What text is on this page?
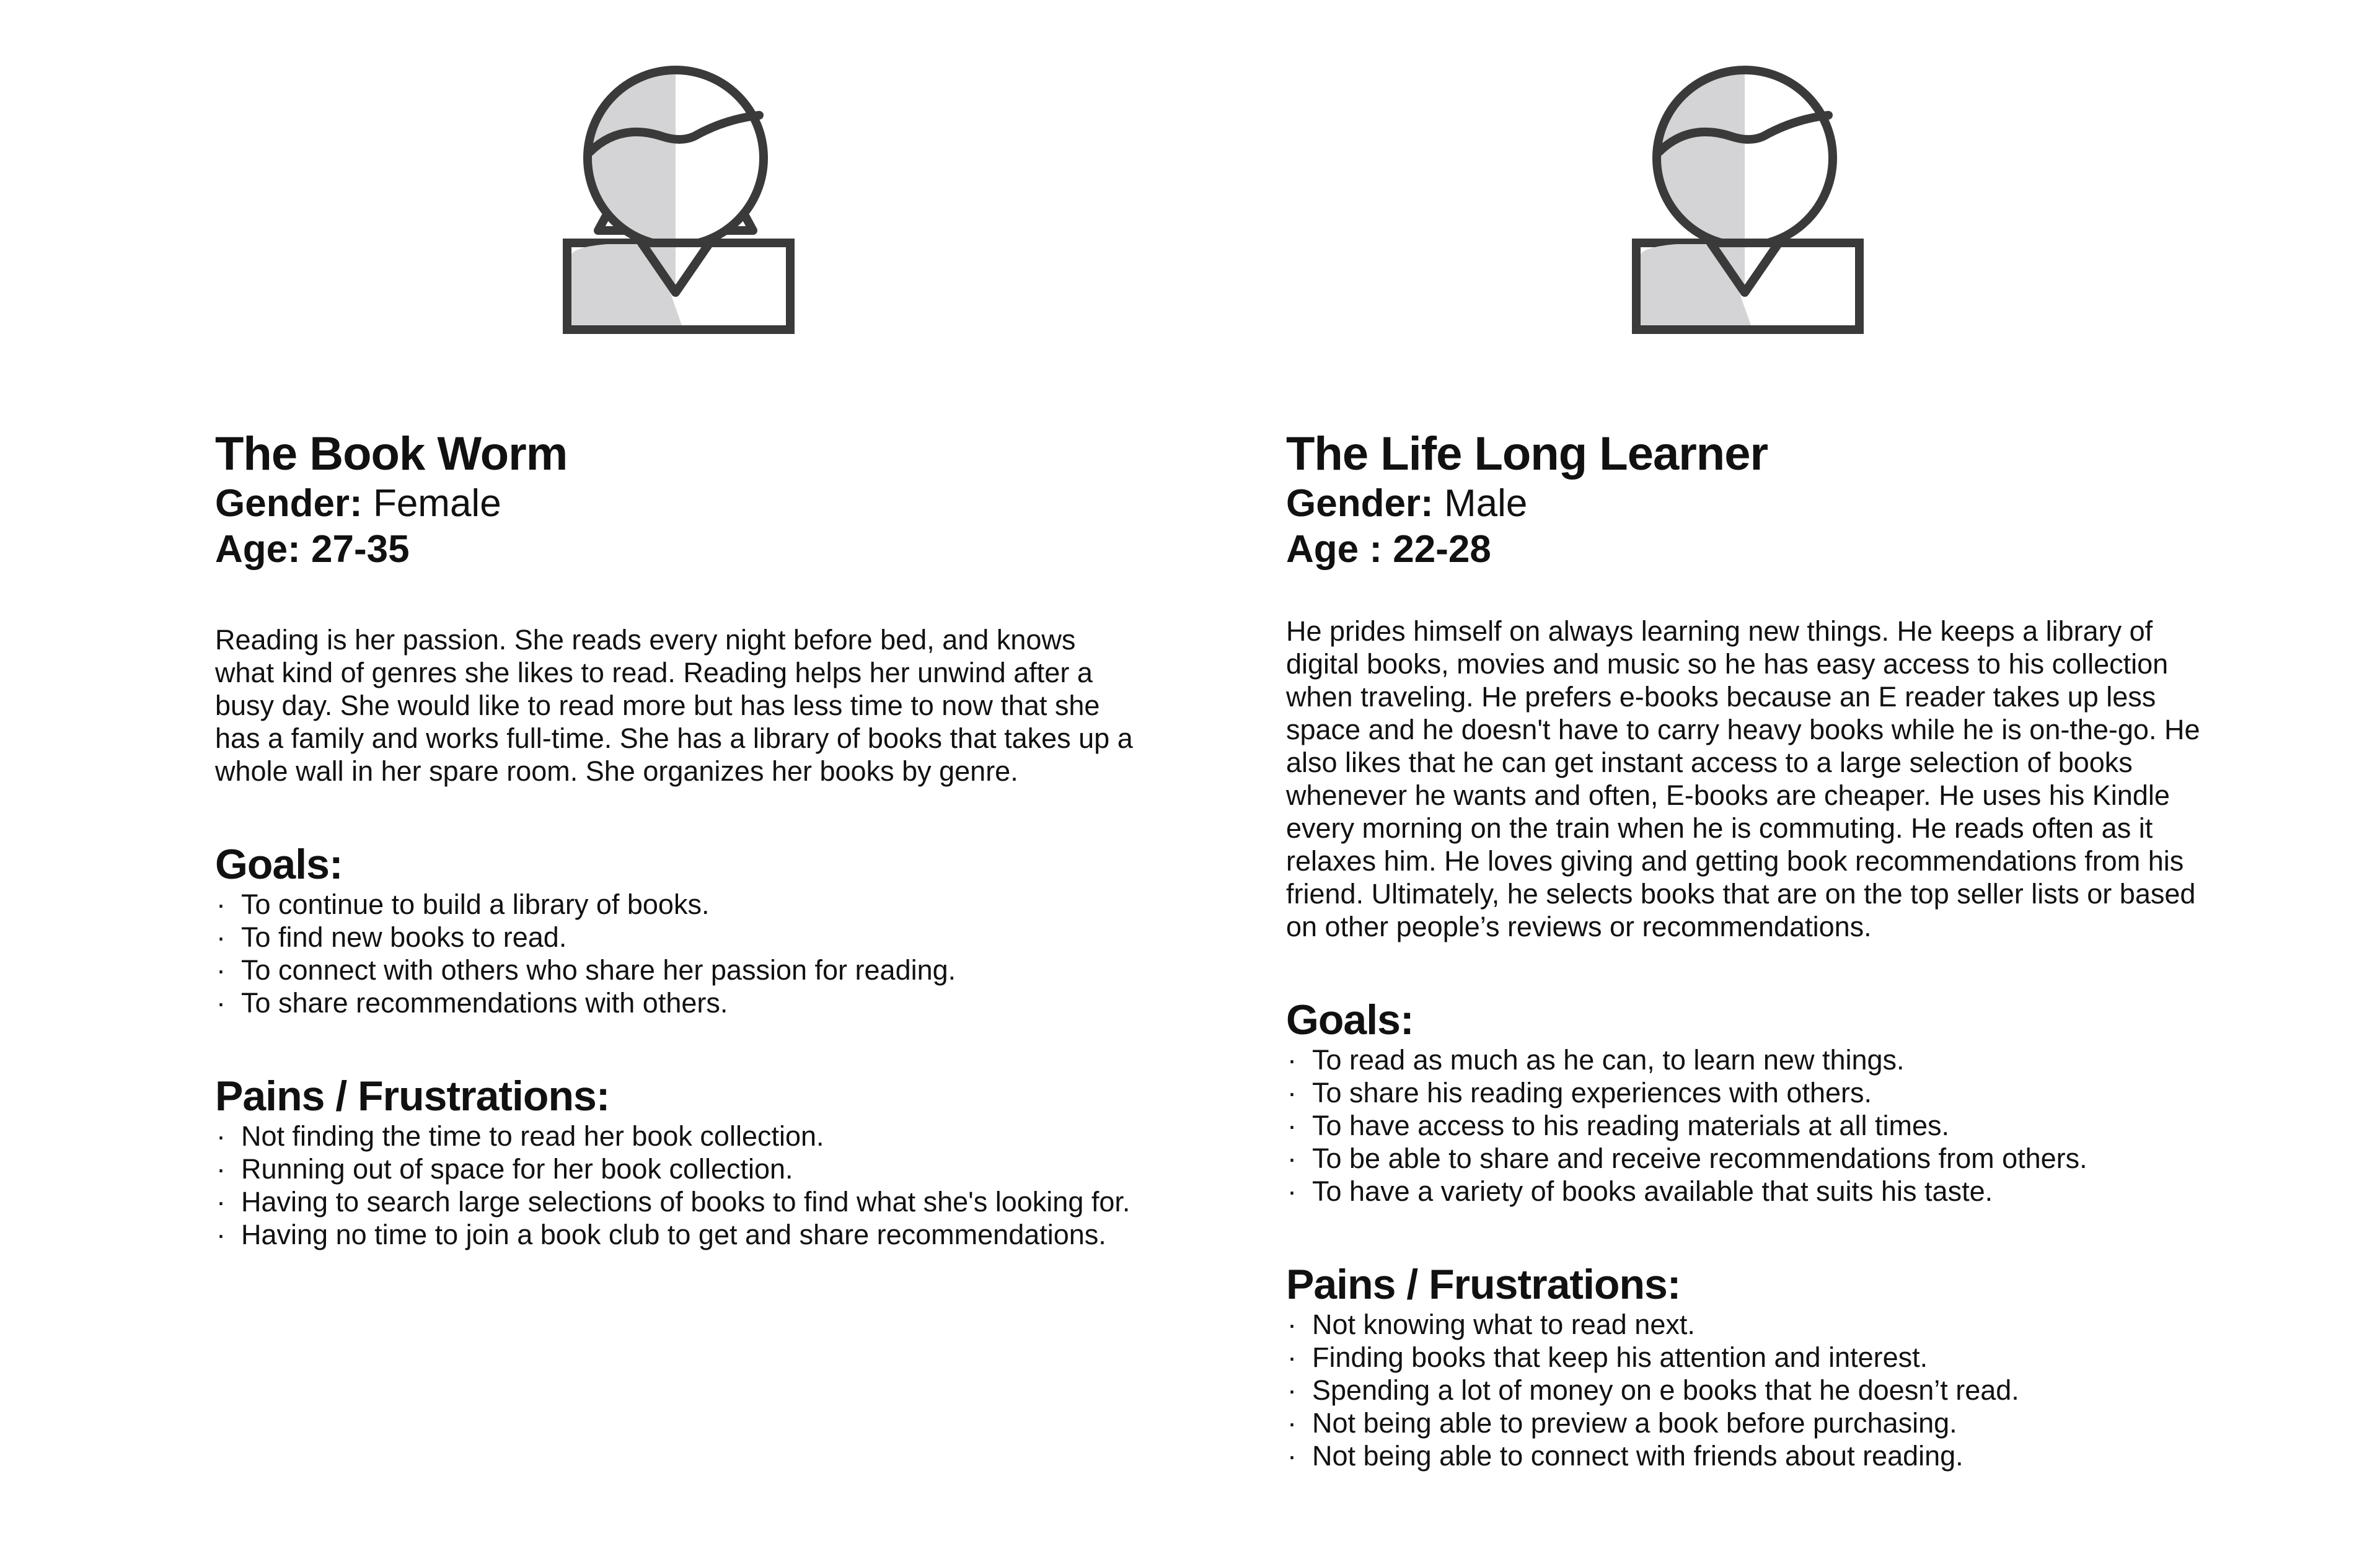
The Book Worm

Gender: Female

Age: 27-35

Reading is her passion. She reads every night before bed, and knows what kind of genres she likes to read. Reading helps her unwind after a busy day. She would like to read more but has less time to now that she has a family and works full-time. She has a library of books that takes up a whole wall in her spare room. She organizes her books by genre.

Goals:
· To continue to build a library of books.
· To find new books to read.
· To connect with others who share her passion for reading.
· To share recommendations with others.
Pains / Frustrations:
· Not finding the time to read her book collection.
· Running out of space for her book collection.
· Having to search large selections of books to find what she's looking for.
· Having no time to join a book club to get and share recommendations.
The Life Long Learner

Gender: Male

Age : 22-28

He prides himself on always learning new things. He keeps a library of digital books, movies and music so he has easy access to his collection when traveling. He prefers e-books because an E reader takes up less space and he doesn't have to carry heavy books while he is on-the-go. He also likes that he can get instant access to a large selection of books whenever he wants and often, E-books are cheaper. He uses his Kindle every morning on the train when he is commuting. He reads often as it relaxes him. He loves giving and getting book recommendations from his friend. Ultimately, he selects books that are on the top seller lists or based on other people’s reviews or recommendations.

Goals:
· To read as much as he can, to learn new things.
· To share his reading experiences with others.
· To have access to his reading materials at all times.
· To be able to share and receive recommendations from others.
· To have a variety of books available that suits his taste.
Pains / Frustrations:
· Not knowing what to read next.
· Finding books that keep his attention and interest.
· Spending a lot of money on e books that he doesn’t read.
· Not being able to preview a book before purchasing.
· Not being able to connect with friends about reading.
